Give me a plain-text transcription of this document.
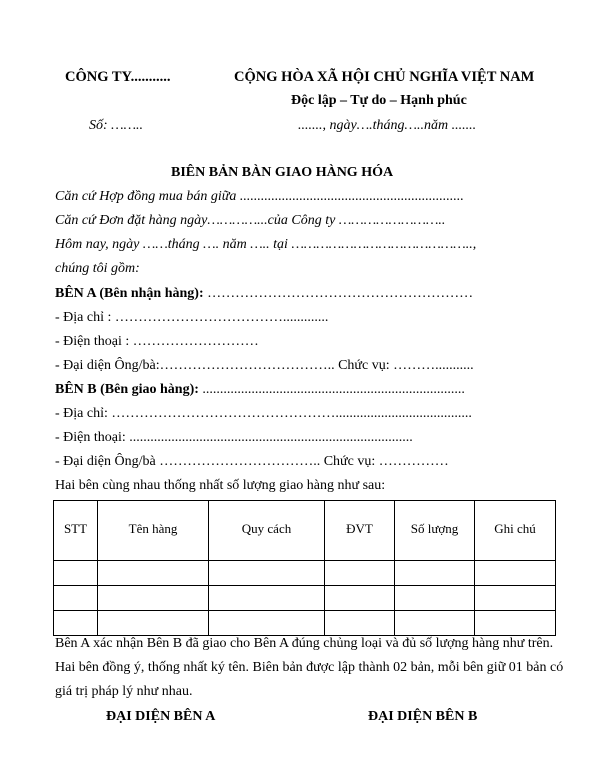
CÔNG TY...........	CỘNG HÒA XÃ HỘI CHỦ NGHĨA VIỆT NAM
Độc lập – Tự do – Hạnh phúc
Số: ……..	......., ngày….tháng…..năm .......
BIÊN BẢN BÀN GIAO HÀNG HÓA
Căn cứ Hợp đồng mua bán giữa ................................................................
Căn cứ Đơn đặt hàng ngày…………...của Công ty ……………………..
Hôm nay, ngày ……tháng …. năm ….. tại ……………………………………..,
chúng tôi gồm:
BÊN A (Bên nhận hàng): …………………………………………………
- Địa chỉ : ……………………………….............
- Điện thoại : ………………………
- Đại diện Ông/bà:……………………………….. Chức vụ: ………...........
BÊN B (Bên giao hàng): ...........................................................................
- Địa chỉ: ………………………………………….......................................
- Điện thoại: .................................................................................
- Đại diện Ông/bà …………………………….. Chức vụ: ……………
Hai bên cùng nhau thống nhất số lượng giao hàng như sau:
STT	Tên hàng	Quy cách	ĐVT	Số lượng	Ghi chú

Bên A xác nhận Bên B đã giao cho Bên A đúng chủng loại và đủ số lượng hàng như trên.
Hai bên đồng ý, thống nhất ký tên. Biên bản được lập thành 02 bản, mỗi bên giữ 01 bản có
giá trị pháp lý như nhau.
ĐẠI DIỆN BÊN A	ĐẠI DIỆN BÊN B
